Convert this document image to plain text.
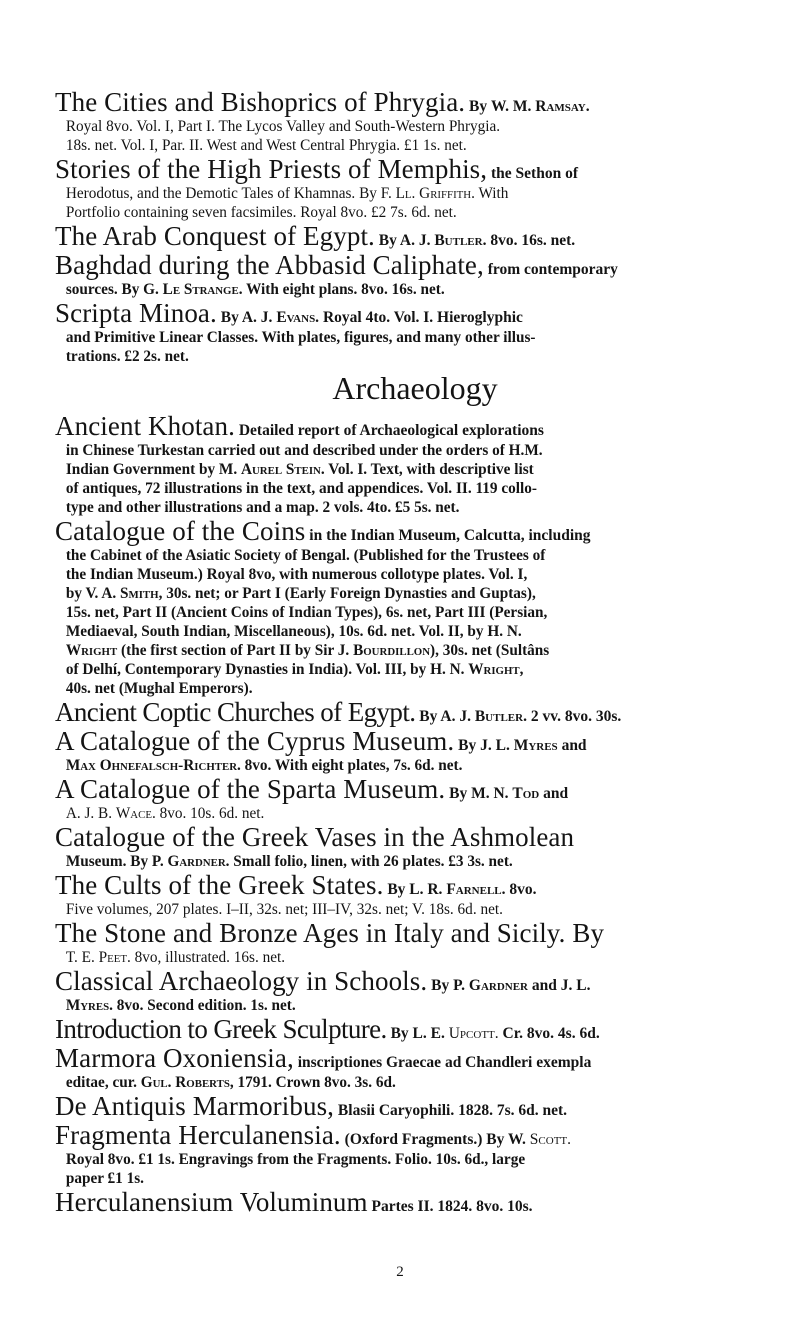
The Cities and Bishoprics of Phrygia. By W. M. Ramsay.
Royal 8vo. Vol. I, Part I. The Lycos Valley and South-Western Phrygia.
18s. net. Vol. I, Par. II. West and West Central Phrygia. £1 1s. net.
Stories of the High Priests of Memphis, the Sethon of
Herodotus, and the Demotic Tales of Khamnas. By F. Ll. Griffith. With
Portfolio containing seven facsimiles. Royal 8vo. £2 7s. 6d. net.
The Arab Conquest of Egypt. By A. J. Butler. 8vo. 16s. net.
Baghdad during the Abbasid Caliphate, from contemporary
sources. By G. Le Strange. With eight plans. 8vo. 16s. net.
Scripta Minoa. By A. J. Evans. Royal 4to. Vol. I. Hieroglyphic
and Primitive Linear Classes. With plates, figures, and many other illus-
trations. £2 2s. net.
Archaeology
Ancient Khotan. Detailed report of Archaeological explorations
in Chinese Turkestan carried out and described under the orders of H.M.
Indian Government by M. Aurel Stein. Vol. I. Text, with descriptive list
of antiques, 72 illustrations in the text, and appendices. Vol. II. 119 collo-
type and other illustrations and a map. 2 vols. 4to. £5 5s. net.
Catalogue of the Coins in the Indian Museum, Calcutta, including
the Cabinet of the Asiatic Society of Bengal. (Published for the Trustees of
the Indian Museum.) Royal 8vo, with numerous collotype plates. Vol. I,
by V. A. Smith, 30s. net; or Part I (Early Foreign Dynasties and Guptas),
15s. net, Part II (Ancient Coins of Indian Types), 6s. net, Part III (Persian,
Mediaeval, South Indian, Miscellaneous), 10s. 6d. net. Vol. II, by H. N.
Wright (the first section of Part II by Sir J. Bourdillon), 30s. net (Sultâns
of Delhí, Contemporary Dynasties in India). Vol. III, by H. N. Wright,
40s. net (Mughal Emperors).
Ancient Coptic Churches of Egypt. By A. J. Butler. 2 vv. 8vo. 30s.
A Catalogue of the Cyprus Museum. By J. L. Myres and
Max Ohnefalsch-Richter. 8vo. With eight plates, 7s. 6d. net.
A Catalogue of the Sparta Museum. By M. N. Tod and
A. J. B. Wace. 8vo. 10s. 6d. net.
Catalogue of the Greek Vases in the Ashmolean
Museum. By P. Gardner. Small folio, linen, with 26 plates. £3 3s. net.
The Cults of the Greek States. By L. R. Farnell. 8vo.
Five volumes, 207 plates. I–II, 32s. net; III–IV, 32s. net; V. 18s. 6d. net.
The Stone and Bronze Ages in Italy and Sicily. By
T. E. Peet. 8vo, illustrated. 16s. net.
Classical Archaeology in Schools. By P. Gardner and J. L.
Myres. 8vo. Second edition. 1s. net.
Introduction to Greek Sculpture. By L. E. Upcott. Cr. 8vo. 4s. 6d.
Marmora Oxoniensia, inscriptiones Graecae ad Chandleri exempla
editae, cur. Gul. Roberts, 1791. Crown 8vo. 3s. 6d.
De Antiquis Marmoribus, Blasii Caryophili. 1828. 7s. 6d. net.
Fragmenta Herculanensia. (Oxford Fragments.) By W. Scott.
Royal 8vo. £1 1s. Engravings from the Fragments. Folio. 10s. 6d., large
paper £1 1s.
Herculanensium Voluminum Partes II. 1824. 8vo. 10s.
2
